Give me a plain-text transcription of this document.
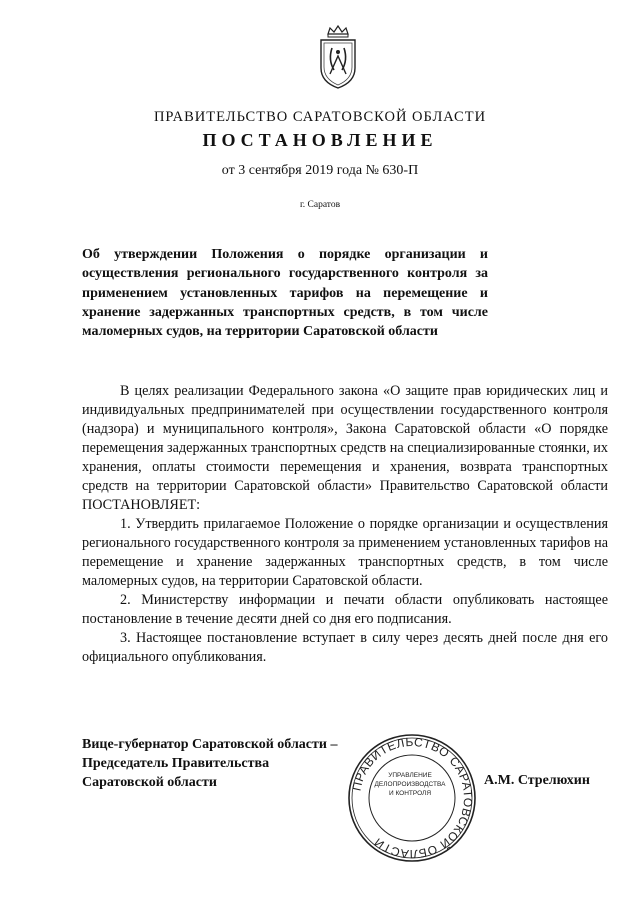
ПРАВИТЕЛЬСТВО САРАТОВСКОЙ ОБЛАСТИ
ПОСТАНОВЛЕНИЕ
от 3 сентября 2019 года № 630-П
г. Саратов

Об утверждении Положения о порядке организации и осуществления регионального государственного контроля за применением установленных тарифов на перемещение и хранение задержанных транспортных средств, в том числе маломерных судов, на территории Саратовской области

В целях реализации Федерального закона «О защите прав юридических лиц и индивидуальных предпринимателей при осуществлении государственного контроля (надзора) и муниципального контроля», Закона Саратовской области «О порядке перемещения задержанных транспортных средств на специализированные стоянки, их хранения, оплаты стоимости перемещения и хранения, возврата транспортных средств на территории Саратовской области» Правительство Саратовской области ПОСТАНОВЛЯЕТ:

1. Утвердить прилагаемое Положение о порядке организации и осуществления регионального государственного контроля за применением установленных тарифов на перемещение и хранение задержанных транспортных средств, в том числе маломерных судов, на территории Саратовской области.

2. Министерству информации и печати области опубликовать настоящее постановление в течение десяти дней со дня его подписания.

3. Настоящее постановление вступает в силу через десять дней после дня его официального опубликования.

Вице-губернатор Саратовской области –
Председатель Правительства
Саратовской области	ПРАВИТЕЛЬСТВО САРАТОВСКОЙ ОБЛАСТИ
УПРАВЛЕНИЕ
ДЕЛОПРОИЗВОДСТВА
И КОНТРОЛЯ
А.М. Стрелюхин
